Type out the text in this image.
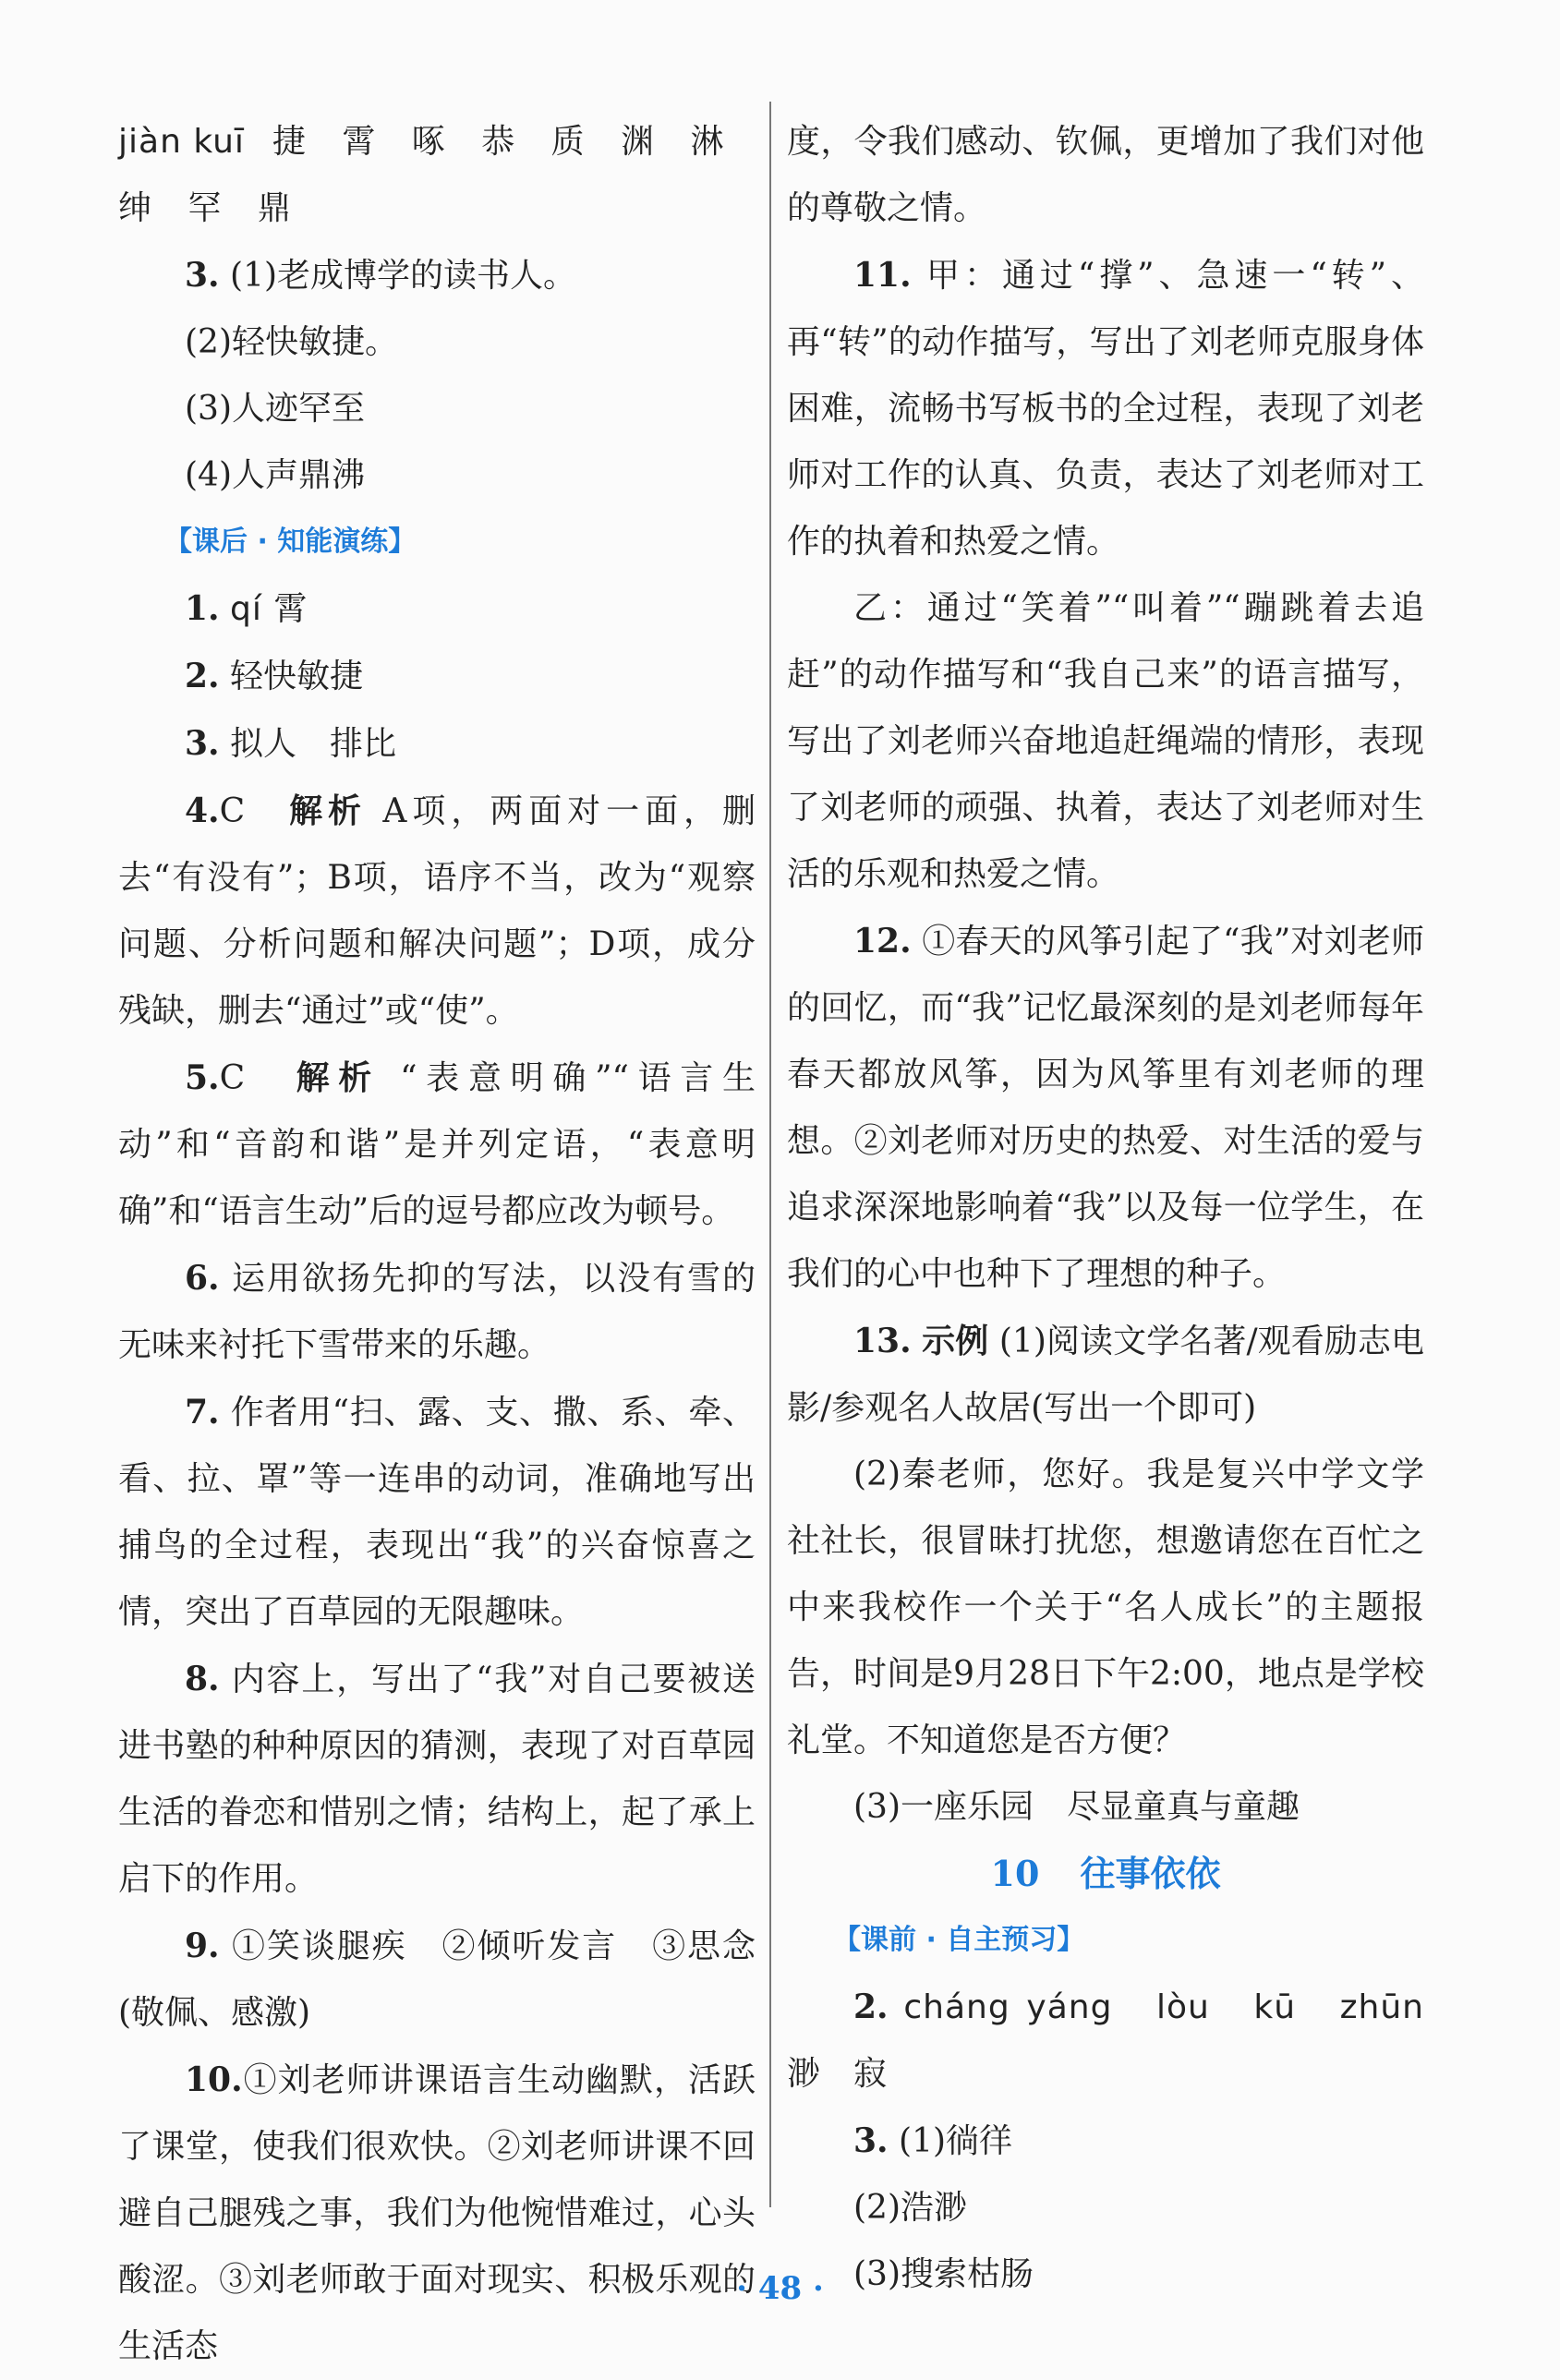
jiàn kuī 捷 霄 啄 恭 质 渊 淋

绅 罕 鼎

3. (1)老成博学的读书人。

(2)轻快敏捷。

(3)人迹罕至

(4)人声鼎沸

【课后 · 知能演练】

1. qí 霄

2. 轻快敏捷

3. 拟人　排比

4.C　 解析 A项，两面对一面，删去“有没有”；B项，语序不当，改为“观察问题、分析问题和解决问题”；D项，成分残缺，删去“通过”或“使”。

5.C　 解析 “表意明确”“语言生动”和“音韵和谐”是并列定语，“表意明确”和“语言生动”后的逗号都应改为顿号。

6. 运用欲扬先抑的写法，以没有雪的无味来衬托下雪带来的乐趣。

7. 作者用“扫、露、支、撒、系、牵、看、拉、罩”等一连串的动词，准确地写出捕鸟的全过程，表现出“我”的兴奋惊喜之情，突出了百草园的无限趣味。

8. 内容上，写出了“我”对自己要被送进书塾的种种原因的猜测，表现了对百草园生活的眷恋和惜别之情；结构上，起了承上启下的作用。

9. ①笑谈腿疾　②倾听发言　③思念(敬佩、感激)

10.①刘老师讲课语言生动幽默，活跃了课堂，使我们很欢快。②刘老师讲课不回避自己腿残之事，我们为他惋惜难过，心头酸涩。③刘老师敢于面对现实、积极乐观的生活态

度，令我们感动、钦佩，更增加了我们对他的尊敬之情。

11. 甲：通过“撑”、急速一“转”、再“转”的动作描写，写出了刘老师克服身体困难，流畅书写板书的全过程，表现了刘老师对工作的认真、负责，表达了刘老师对工作的执着和热爱之情。

乙：通过“笑着”“叫着”“蹦跳着去追赶”的动作描写和“我自己来”的语言描写，写出了刘老师兴奋地追赶绳端的情形，表现了刘老师的顽强、执着，表达了刘老师对生活的乐观和热爱之情。

12. ①春天的风筝引起了“我”对刘老师的回忆，而“我”记忆最深刻的是刘老师每年春天都放风筝，因为风筝里有刘老师的理想。②刘老师对历史的热爱、对生活的爱与追求深深地影响着“我”以及每一位学生，在我们的心中也种下了理想的种子。

13. 示例 (1)阅读文学名著/观看励志电影/参观名人故居(写出一个即可)

(2)秦老师，您好。我是复兴中学文学社社长，很冒昧打扰您，想邀请您在百忙之中来我校作一个关于“名人成长”的主题报告，时间是9月28日下午2:00，地点是学校礼堂。不知道您是否方便？

(3)一座乐园　尽显童真与童趣

10 往事依依

【课前 · 自主预习】

2. cháng yáng　lòu　kū　zhūn　渺　寂

3. (1)徜徉

(2)浩渺

(3)搜索枯肠

· 48 ·
